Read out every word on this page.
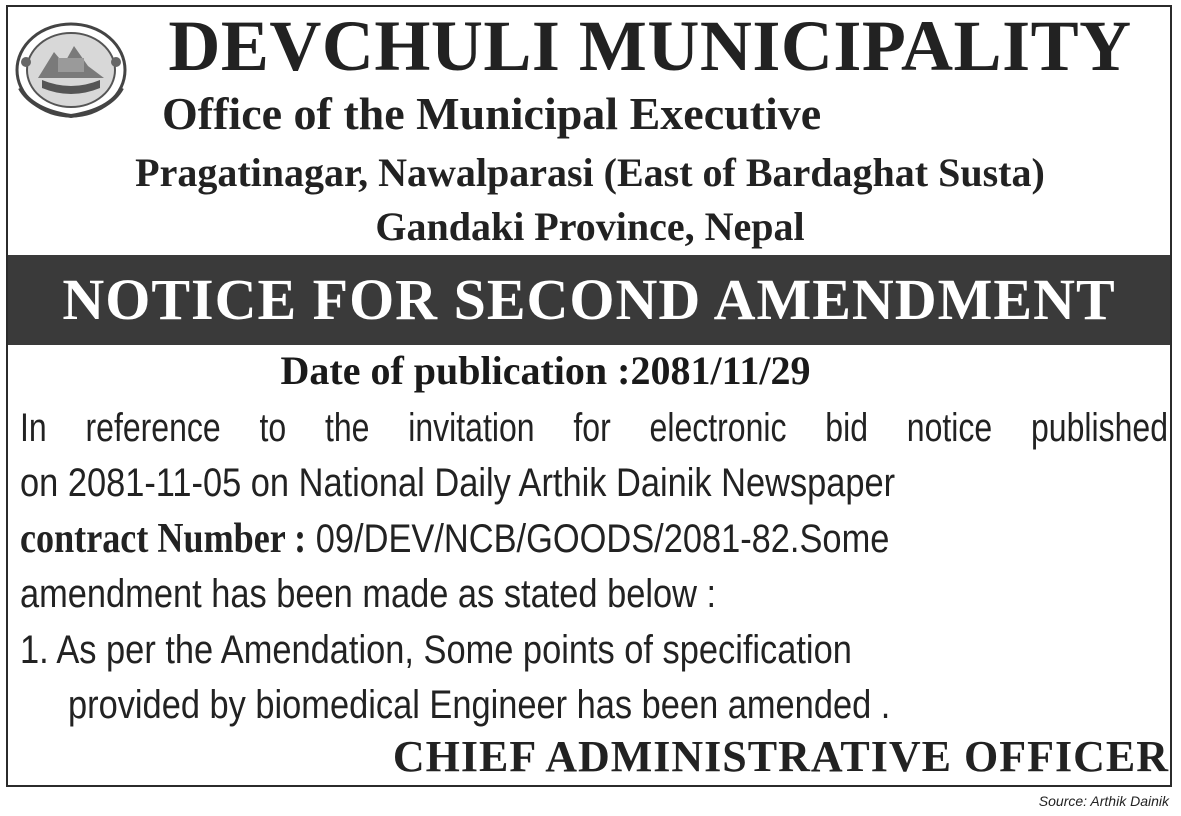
DEVCHULI MUNICIPALITY
Office of the Municipal Executive
Pragatinagar, Nawalparasi (East of Bardaghat Susta)
Gandaki Province, Nepal
NOTICE FOR SECOND AMENDMENT
Date of publication :2081/11/29
In reference to the invitation for electronic bid notice published
on 2081-11-05 on National Daily Arthik Dainik Newspaper
contract Number : 09/DEV/NCB/GOODS/2081-82.Some
amendment has been made as stated below :
1. As per the Amendation, Some points of specification
provided by biomedical Engineer has been amended .
CHIEF ADMINISTRATIVE OFFICER
Source: Arthik Dainik
